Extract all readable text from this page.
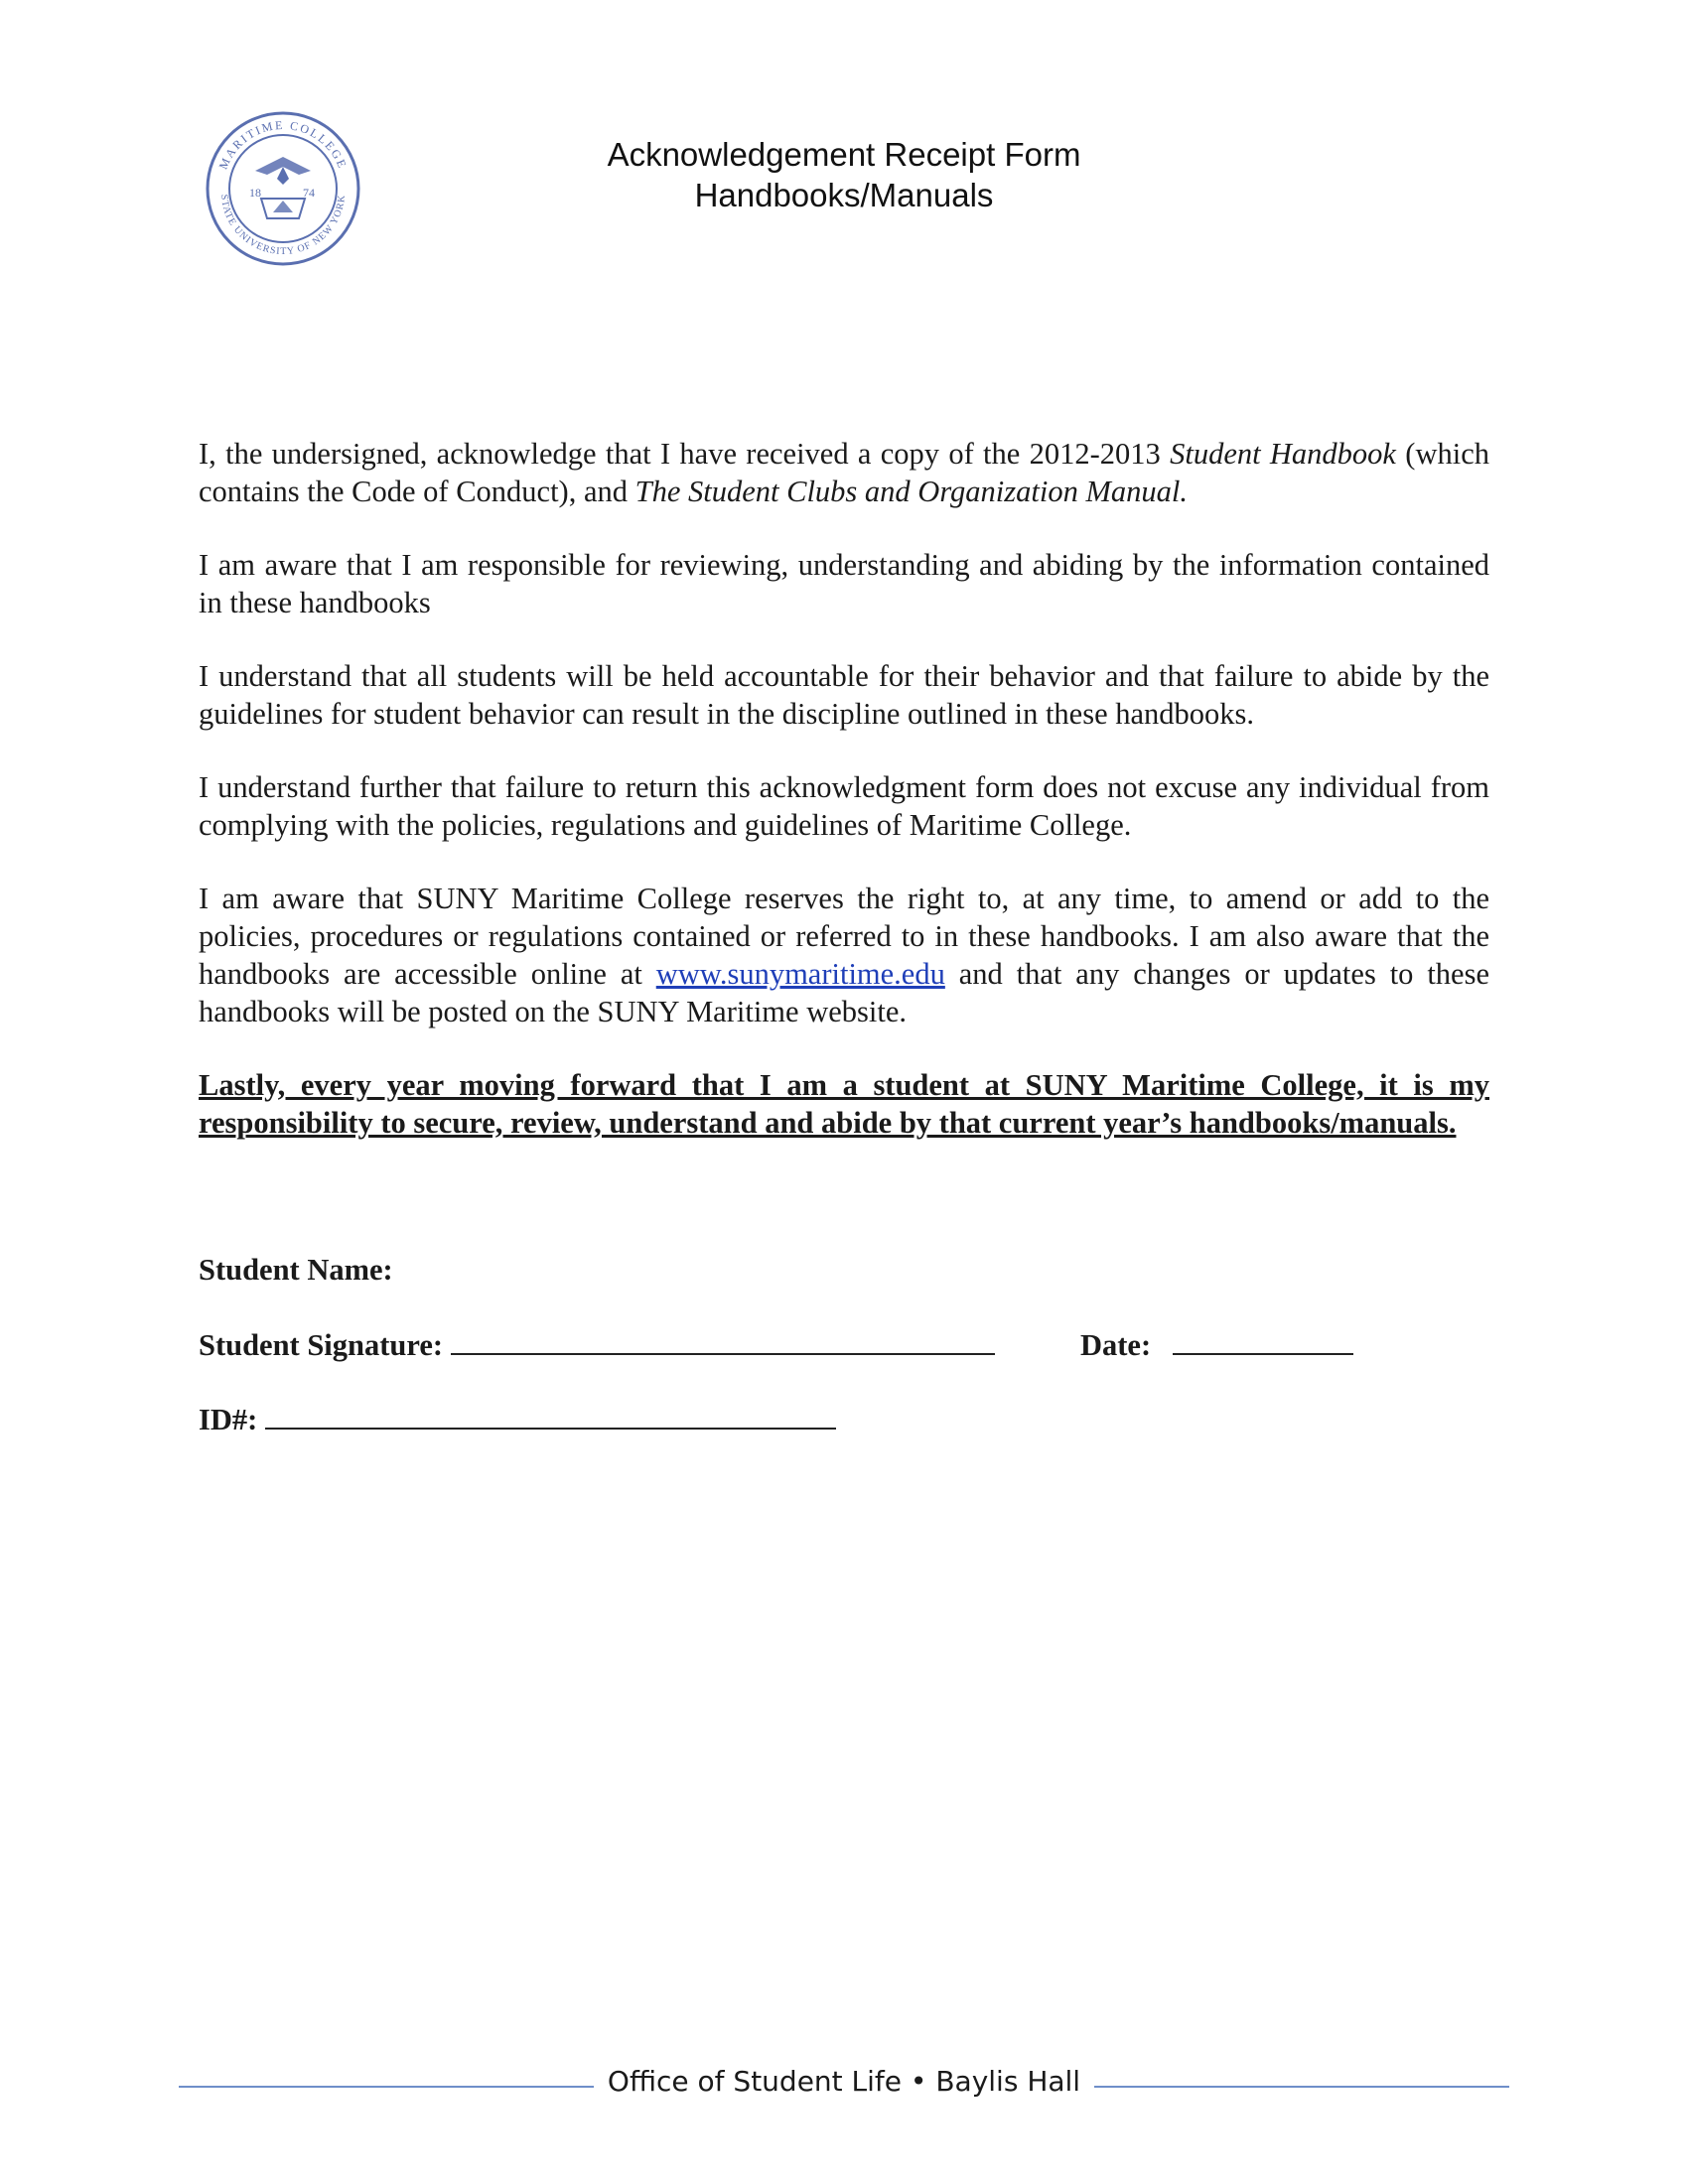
MARITIME COLLEGE
STATE UNIVERSITY OF NEW YORK
18	74
Acknowledgement Receipt Form
Handbooks/Manuals

I, the undersigned, acknowledge that I have received a copy of the 2012-2013 Student Handbook (which contains the Code of Conduct), and The Student Clubs and Organization Manual.

I am aware that I am responsible for reviewing, understanding and abiding by the information contained in these handbooks

I understand that all students will be held accountable for their behavior and that failure to abide by the guidelines for student behavior can result in the discipline outlined in these handbooks.

I understand further that failure to return this acknowledgment form does not excuse any individual from complying with the policies, regulations and guidelines of Maritime College.

I am aware that SUNY Maritime College reserves the right to, at any time, to amend or add to the policies, procedures or regulations contained or referred to in these handbooks. I am also aware that the handbooks are accessible online at www.sunymaritime.edu and that any changes or updates to these handbooks will be posted on the SUNY Maritime website.

Lastly, every year moving forward that I am a student at SUNY Maritime College, it is my responsibility to secure, review, understand and abide by that current year’s handbooks/manuals.

Student Name:
Student Signature:	Date:
ID#:
Office of Student Life • Baylis Hall
